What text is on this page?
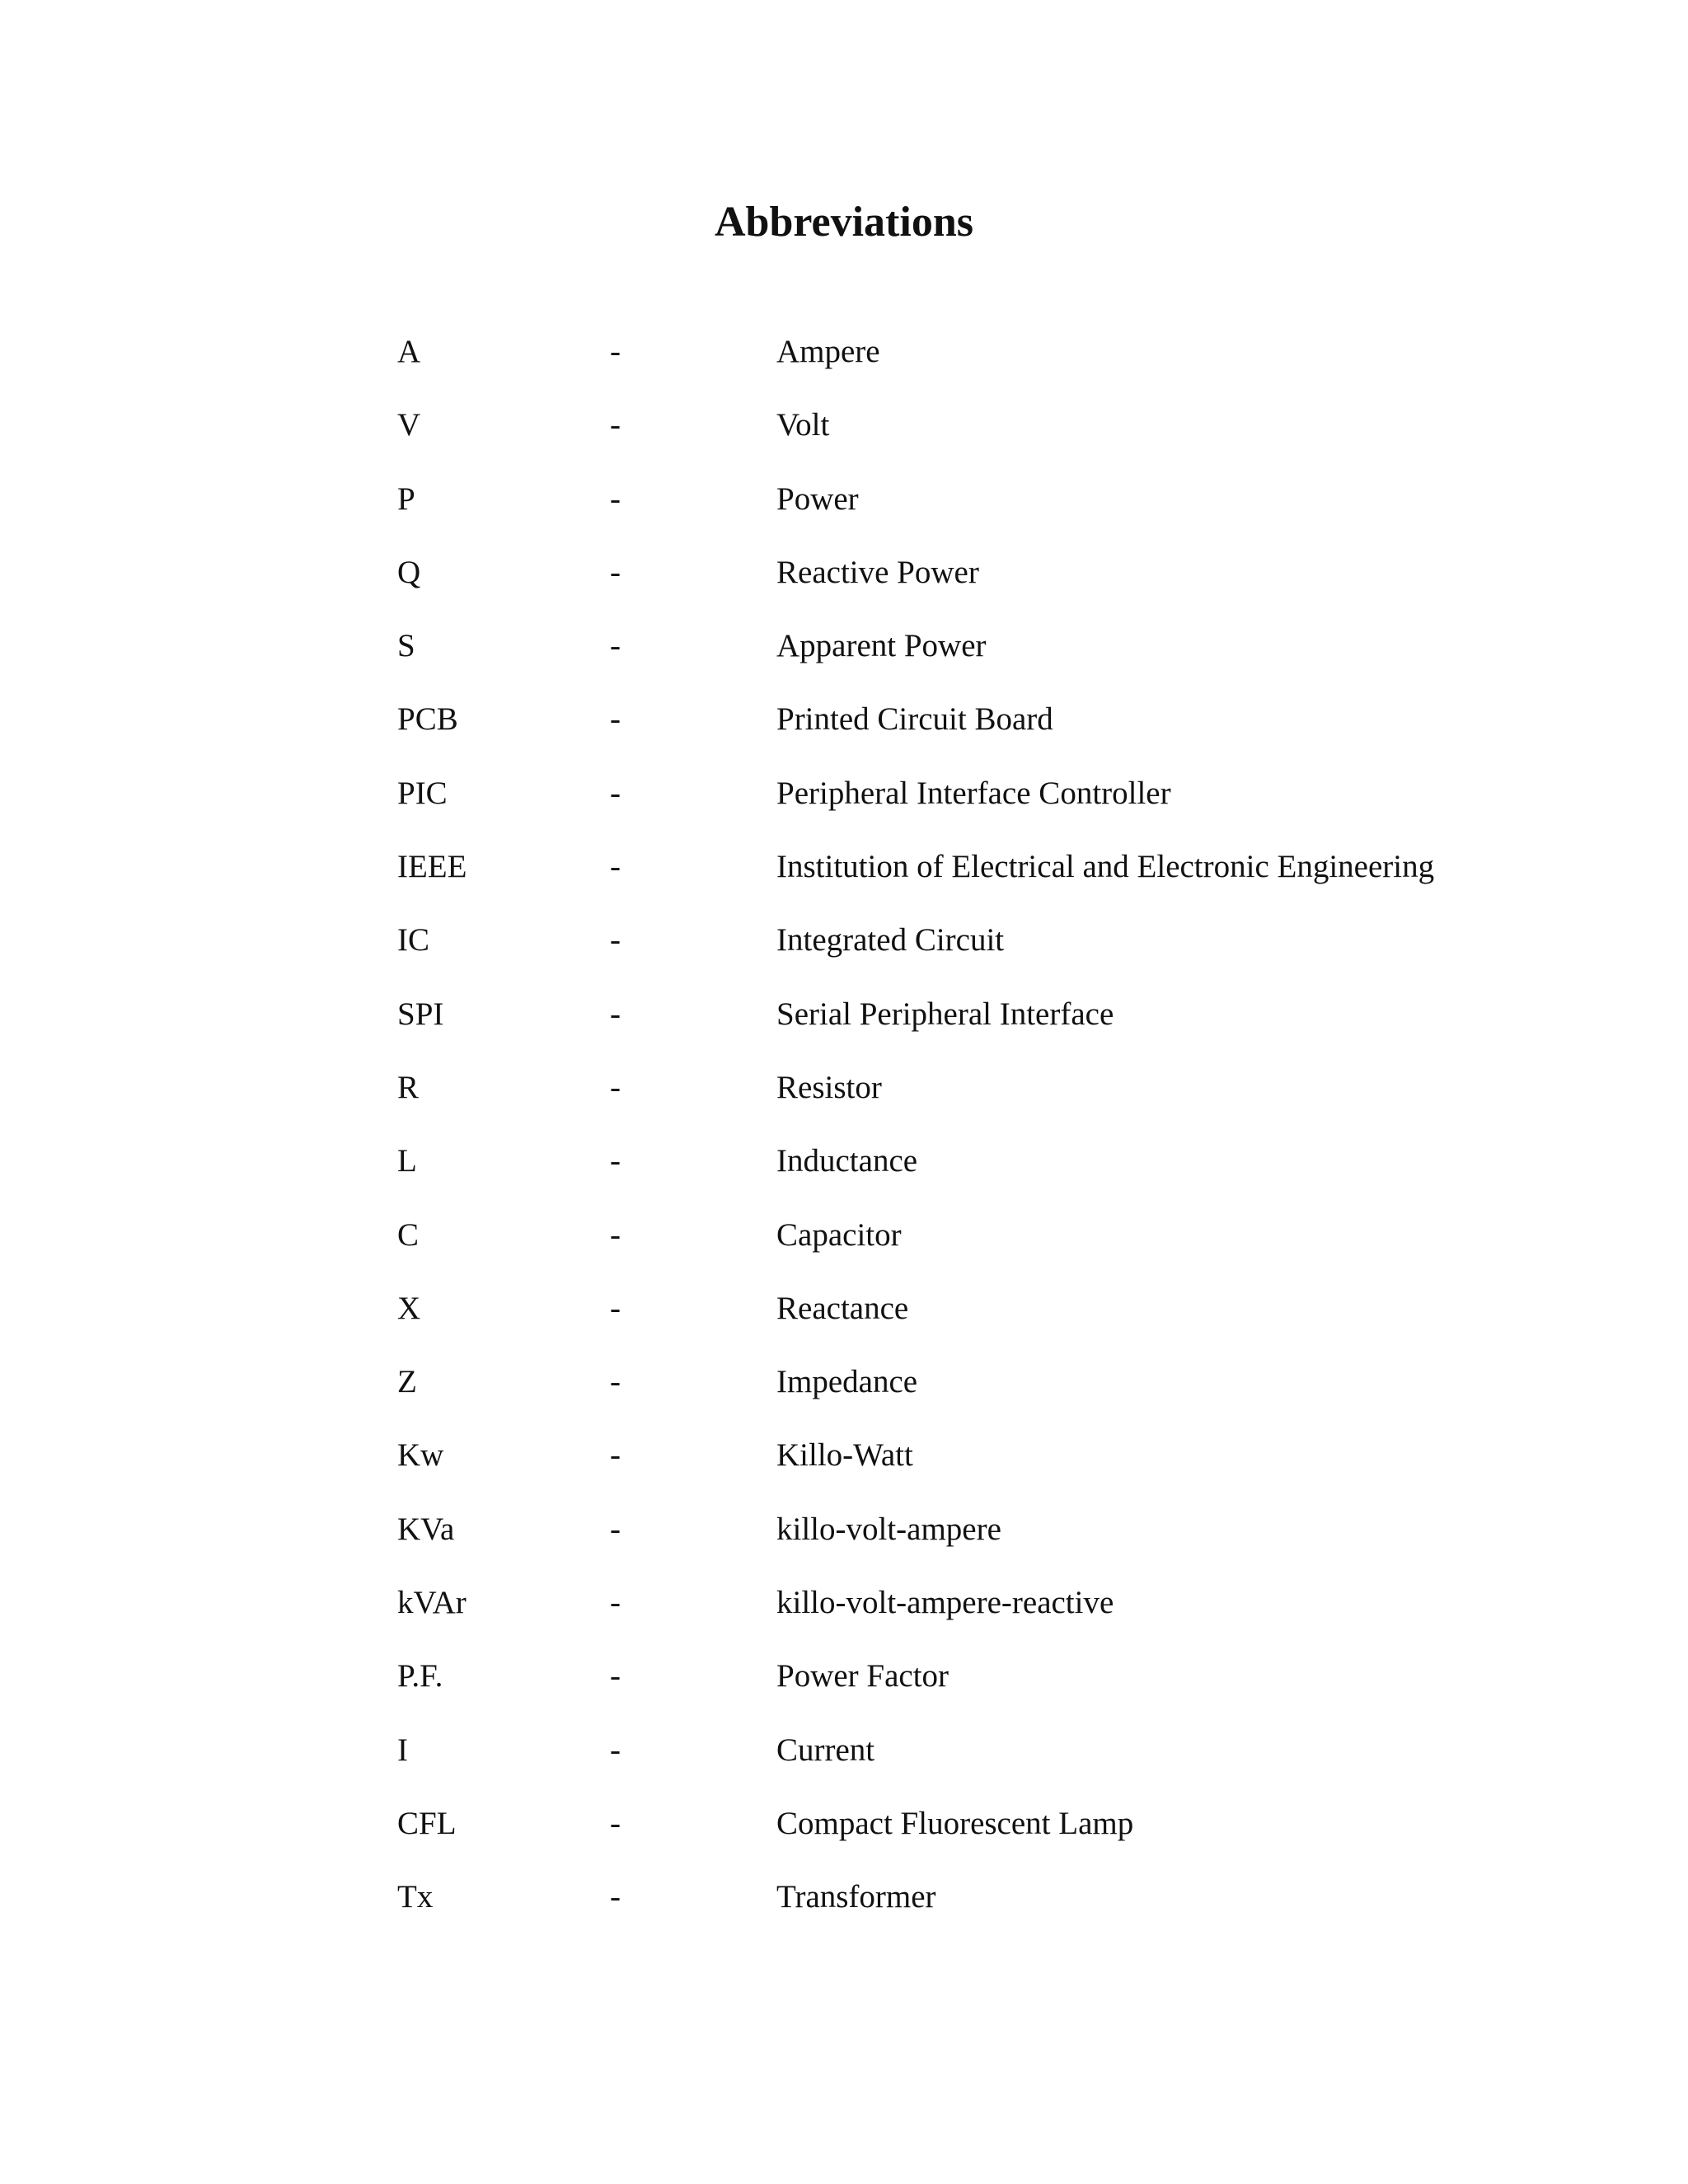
Abbreviations
A	-	Ampere
V	-	Volt
P	-	Power
Q	-	Reactive Power
S	-	Apparent Power
PCB	-	Printed Circuit Board
PIC	-	Peripheral Interface Controller
IEEE	-	Institution of Electrical and Electronic Engineering
IC	-	Integrated Circuit
SPI	-	Serial Peripheral Interface
R	-	Resistor
L	-	Inductance
C	-	Capacitor
X	-	Reactance
Z	-	Impedance
Kw	-	Killo-Watt
KVa	-	killo-volt-ampere
kVAr	-	killo-volt-ampere-reactive
P.F.	-	Power Factor
I	-	Current
CFL	-	Compact Fluorescent Lamp
Tx	-	Transformer
